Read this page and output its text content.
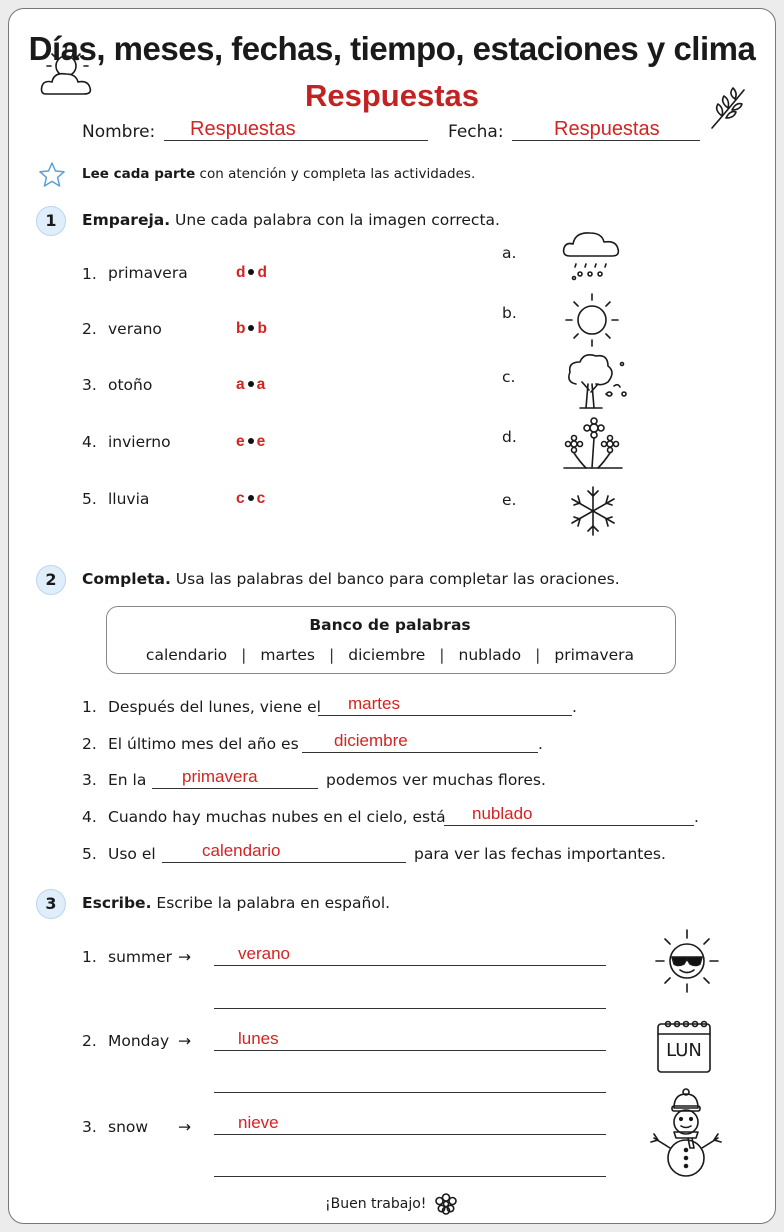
Días, meses, fechas, tiempo, estaciones y clima
Respuestas
Nombre: Respuestas	Fecha:	Respuestas
Lee cada parte con atención y completa las actividades.
1	Empareja. Une cada palabra con la imagen correcta.
1. primavera	d d
2. verano	b b
3. otoño	a a
4. invierno	e e
5. lluvia	c c
a.
b.
c.
d.
e.
2	Completa. Usa las palabras del banco para completar las oraciones.
Banco de palabras
calendario | martes | diciembre | nublado | primavera
1. Después del lunes, viene el martes	.
2. El último mes del año es diciembre	.
3. En la primavera	podemos ver muchas flores.
4. Cuando hay muchas nubes en el cielo, está nublado	.
5. Uso el	calendario	para ver las fechas importantes.
3	Escribe. Escribe la palabra en español.
1. summer →	verano
2. Monday →	lunes
3. snow →	nieve
LUN
¡Buen trabajo!
